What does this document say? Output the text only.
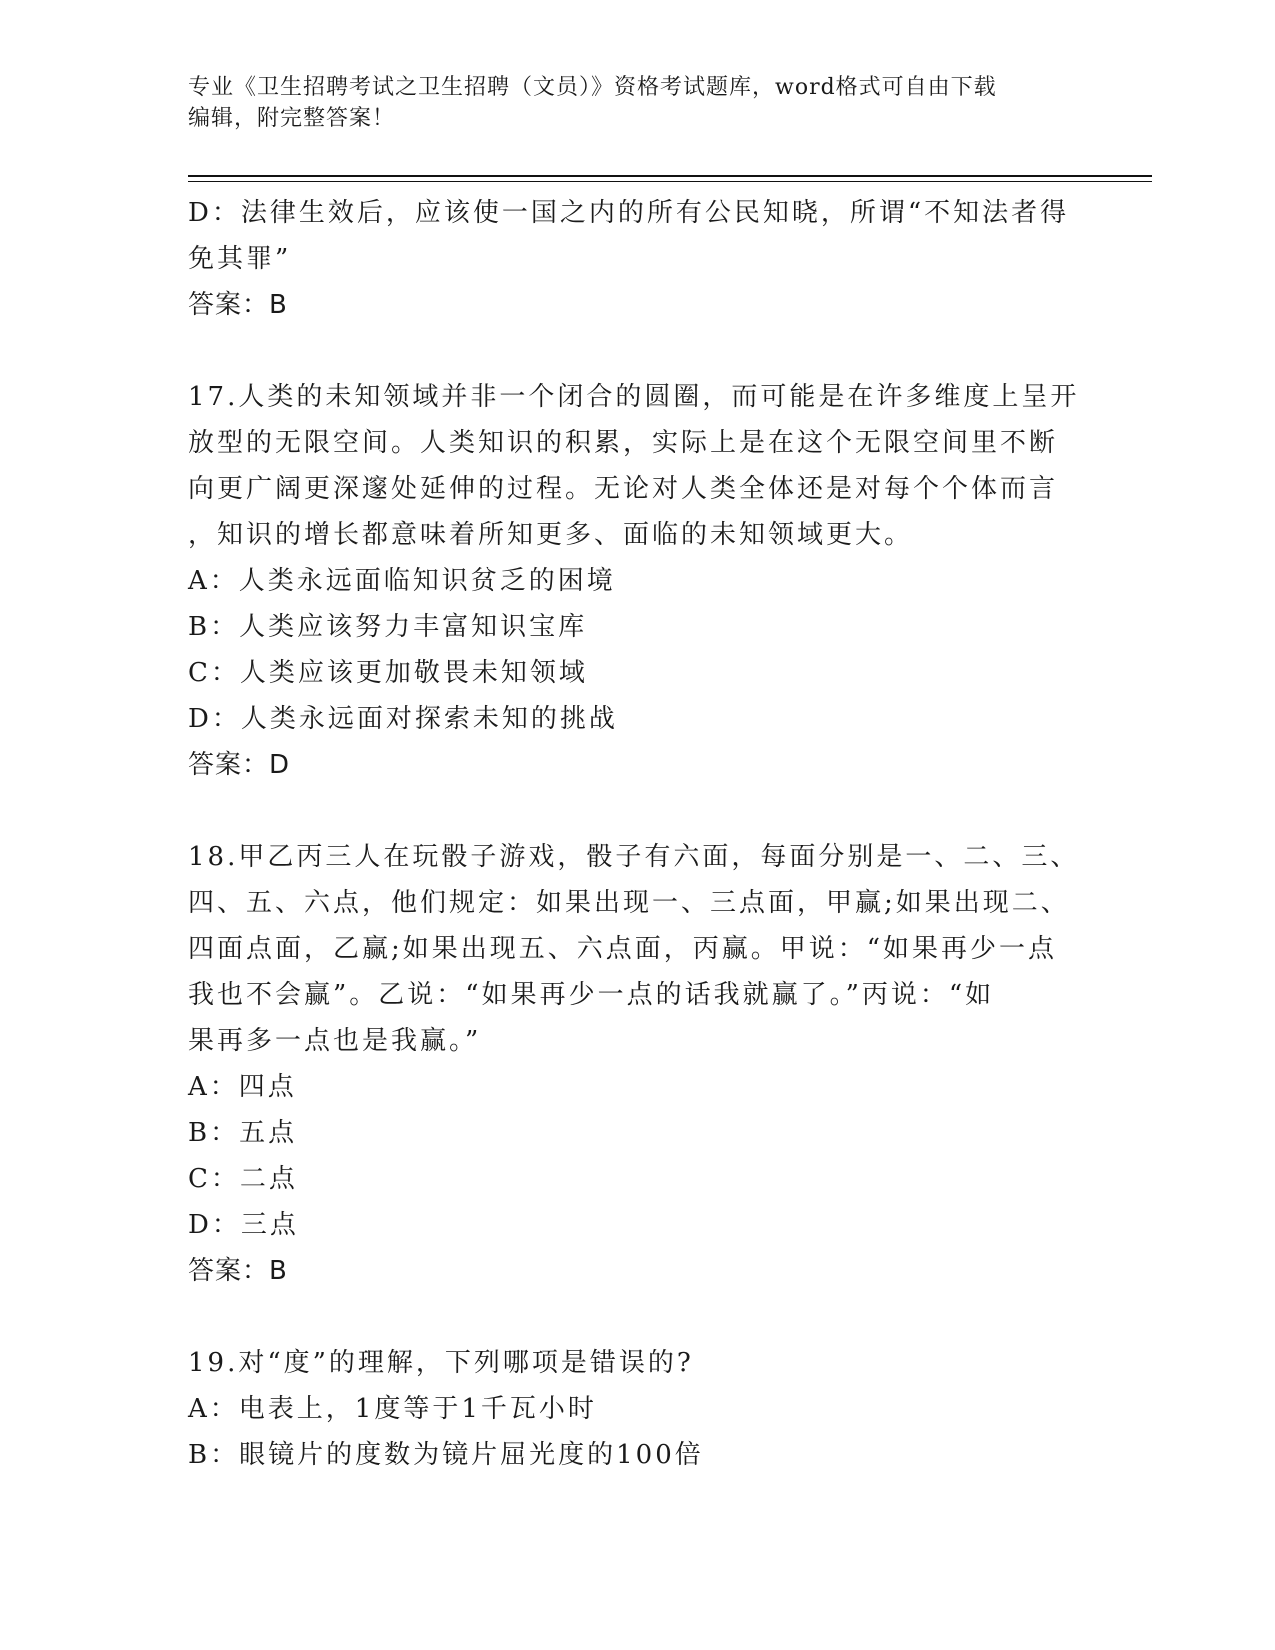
专业《卫生招聘考试之卫生招聘（文员）》资格考试题库，word格式可自由下载
编辑，附完整答案！
D：法律生效后，应该使一国之内的所有公民知晓，所谓“不知法者得
免其罪”
答案：B
17.人类的未知领域并非一个闭合的圆圈，而可能是在许多维度上呈开
放型的无限空间。人类知识的积累，实际上是在这个无限空间里不断
向更广阔更深邃处延伸的过程。无论对人类全体还是对每个个体而言
，知识的增长都意味着所知更多、面临的未知领域更大。
A：人类永远面临知识贫乏的困境
B：人类应该努力丰富知识宝库
C：人类应该更加敬畏未知领域
D：人类永远面对探索未知的挑战
答案：D
18.甲乙丙三人在玩骰子游戏，骰子有六面，每面分别是一、二、三、
四、五、六点，他们规定：如果出现一、三点面，甲赢;如果出现二、
四面点面，乙赢;如果出现五、六点面，丙赢。甲说：“如果再少一点
我也不会赢”。乙说：“如果再少一点的话我就赢了。”丙说：“如
果再多一点也是我赢。”
A：四点
B：五点
C：二点
D：三点
答案：B
19.对“度”的理解，下列哪项是错误的?
A：电表上，1度等于1千瓦小时
B：眼镜片的度数为镜片屈光度的100倍
